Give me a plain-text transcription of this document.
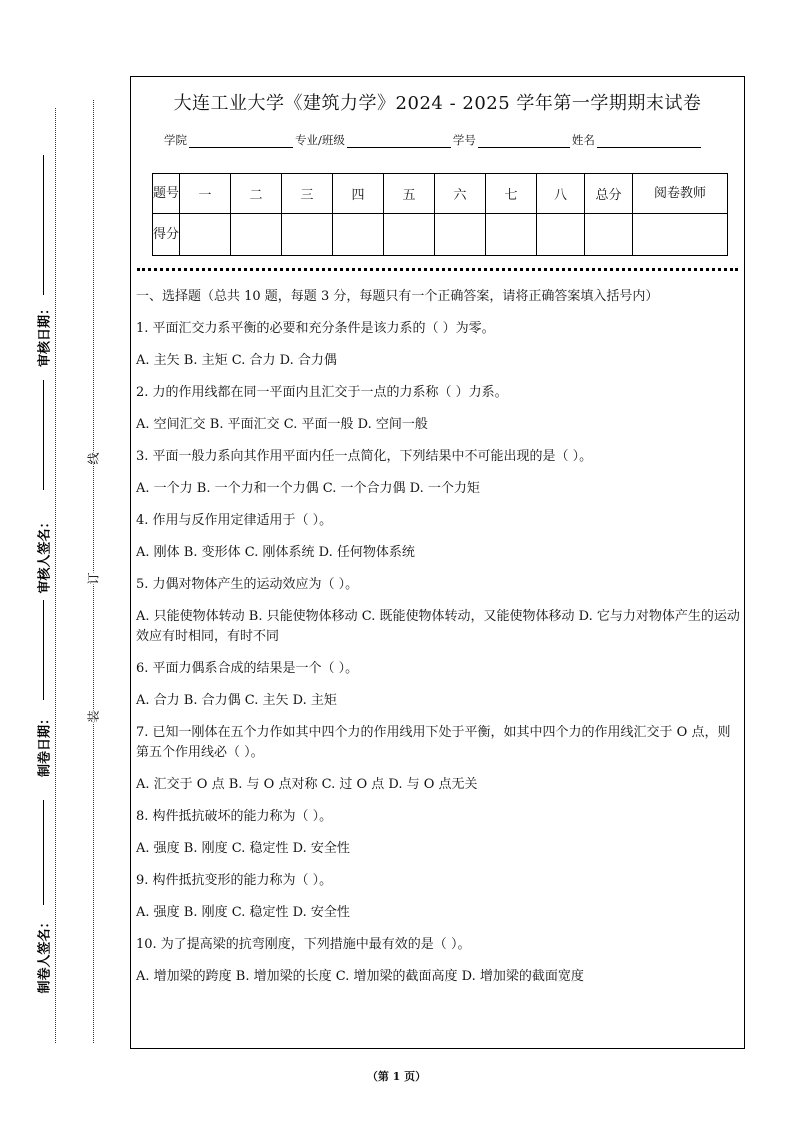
审核日期：
审核人签名：
制卷日期：
制卷人签名：
线
订
装
大连工业大学《建筑力学》2024 - 2025 学年第一学期期末试卷
学院	专业/班级	学号	姓名
题号	一	二	三	四	五	六	七	八	总分	阅卷教师
得分										

一、选择题（总共 10 题，每题 3 分，每题只有一个正确答案，请将正确答案填入括号内）

1. 平面汇交力系平衡的必要和充分条件是该力系的（ ）为零。

A. 主矢 B. 主矩 C. 合力 D. 合力偶

2. 力的作用线都在同一平面内且汇交于一点的力系称（ ）力系。

A. 空间汇交 B. 平面汇交 C. 平面一般 D. 空间一般

3. 平面一般力系向其作用平面内任一点简化，下列结果中不可能出现的是（ ）。

A. 一个力 B. 一个力和一个力偶 C. 一个合力偶 D. 一个力矩

4. 作用与反作用定律适用于（ ）。

A. 刚体 B. 变形体 C. 刚体系统 D. 任何物体系统

5. 力偶对物体产生的运动效应为（ ）。

A. 只能使物体转动 B. 只能使物体移动 C. 既能使物体转动，又能使物体移动 D. 它与力对物体产生的运动效应有时相同，有时不同

6. 平面力偶系合成的结果是一个（ ）。

A. 合力 B. 合力偶 C. 主矢 D. 主矩

7. 已知一刚体在五个力作如其中四个力的作用线用下处于平衡，如其中四个力的作用线汇交于 O 点，则第五个作用线必（ ）。

A. 汇交于 O 点 B. 与 O 点对称 C. 过 O 点 D. 与 O 点无关

8. 构件抵抗破坏的能力称为（ ）。

A. 强度 B. 刚度 C. 稳定性 D. 安全性

9. 构件抵抗变形的能力称为（ ）。

A. 强度 B. 刚度 C. 稳定性 D. 安全性

10. 为了提高梁的抗弯刚度，下列措施中最有效的是（ ）。

A. 增加梁的跨度 B. 增加梁的长度 C. 增加梁的截面高度 D. 增加梁的截面宽度

（第 1 页）
